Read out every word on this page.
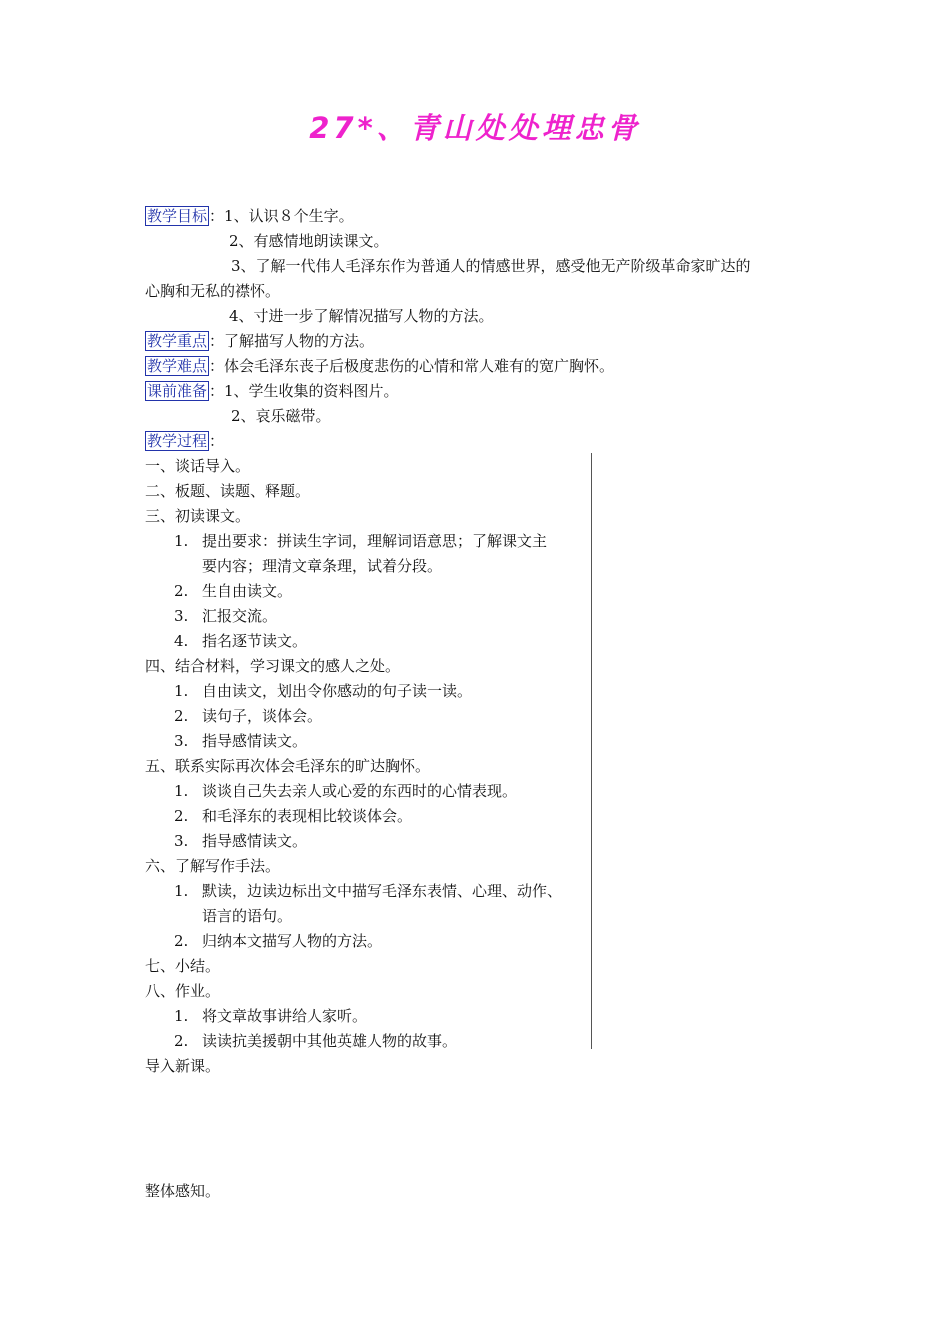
27*、青山处处埋忠骨
教学目标 ：1、认识８个生字。
2、有感情地朗读课文。
3、了解一代伟人毛泽东作为普通人的情感世界，感受他无产阶级革命家旷达的
心胸和无私的襟怀。
4、寸进一步了解情况描写人物的方法。
教学重点 ：了解描写人物的方法。
教学难点 ：体会毛泽东丧子后极度悲伤的心情和常人难有的宽广胸怀。
课前准备 ：1、学生收集的资料图片。
2、哀乐磁带。
教学过程 ：
一、谈话导入。
二、板题、读题、释题。
三、初读课文。
1. 提出要求：拼读生字词，理解词语意思；了解课文主
要内容；理清文章条理，试着分段。
2. 生自由读文。
3. 汇报交流。
4. 指名逐节读文。
四、结合材料，学习课文的感人之处。
1. 自由读文，划出令你感动的句子读一读。
2. 读句子，谈体会。
3. 指导感情读文。
五、联系实际再次体会毛泽东的旷达胸怀。
1. 谈谈自己失去亲人或心爱的东西时的心情表现。
2. 和毛泽东的表现相比较谈体会。
3. 指导感情读文。
六、了解写作手法。
1. 默读，边读边标出文中描写毛泽东表情、心理、动作、
语言的语句。
2. 归纳本文描写人物的方法。
七、小结。
八、作业。
1. 将文章故事讲给人家听。
2. 读读抗美援朝中其他英雄人物的故事。
导入新课。
整体感知。
